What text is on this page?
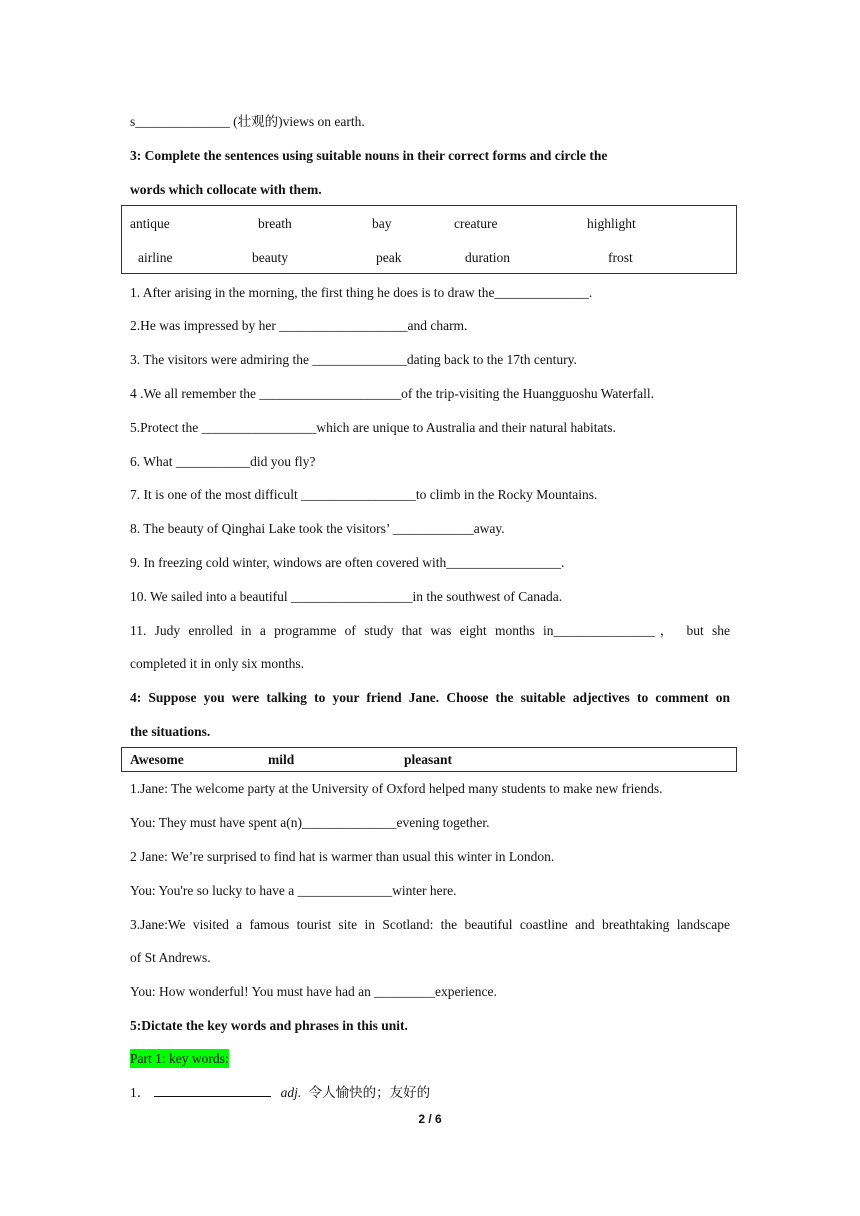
s______________ (壮观的)views on earth.
3: Complete the sentences using suitable nouns in their correct forms and circle the
words which collocate with them.
antique	breath	bay	creature	highlight
airline	beauty	peak	duration	frost
1. After arising in the morning, the first thing he does is to draw the______________.
2.He was impressed by her ___________________and charm.
3. The visitors were admiring the ______________dating back to the 17th century.
4 .We all remember the _____________________of the trip-visiting the Huangguoshu Waterfall.
5.Protect the _________________which are unique to Australia and their natural habitats.
6. What ___________did you fly?
7. It is one of the most difficult _________________to climb in the Rocky Mountains.
8. The beauty of Qinghai Lake took the visitors’ ____________away.
9. In freezing cold winter, windows are often covered with_________________.
10. We sailed into a beautiful __________________in the southwest of Canada.
11. Judy enrolled in a programme of study that was eight months in_______________， but she
completed it in only six months.
4: Suppose you were talking to your friend Jane. Choose the suitable adjectives to comment on
the situations.
Awesome	mild	pleasant
1.Jane: The welcome party at the University of Oxford helped many students to make new friends.
You: They must have spent a(n)______________evening together.
2 Jane: We’re surprised to find hat is warmer than usual this winter in London.
You: You're so lucky to have a ______________winter here.
3.Jane:We visited a famous tourist site in Scotland: the beautiful coastline and breathtaking landscape
of St Andrews.
You: How wonderful! You must have had an _________experience.
5:Dictate the key words and phrases in this unit.
Part 1: key words:
1．	adj. 令人愉快的；友好的
2 / 6
